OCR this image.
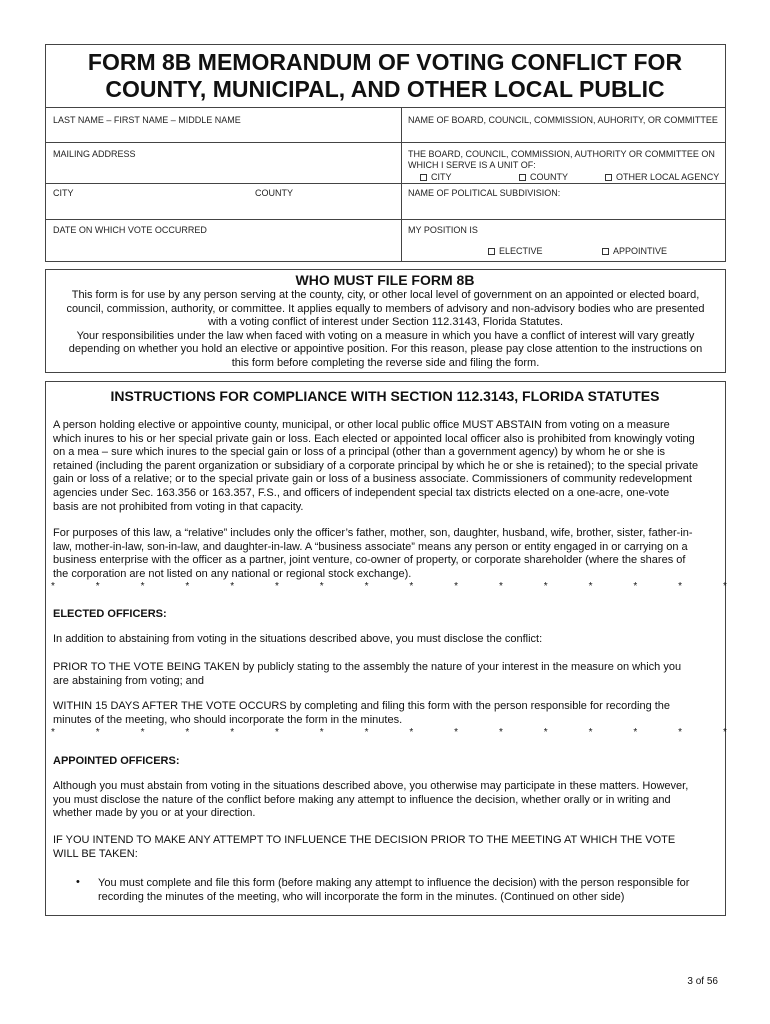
FORM 8B MEMORANDUM OF VOTING CONFLICT FOR
COUNTY, MUNICIPAL, AND OTHER LOCAL PUBLIC
LAST NAME – FIRST NAME – MIDDLE NAME	NAME OF BOARD, COUNCIL, COMMISSION, AUHORITY, OR COMMITTEE
MAILING ADDRESS	THE BOARD, COUNCIL, COMMISSION, AUTHORITY OR COMMITTEE ON
WHICH I SERVE IS A UNIT OF:
CITY	COUNTY	OTHER LOCAL AGENCY
CITY	COUNTY	NAME OF POLITICAL SUBDIVISION:
DATE ON WHICH VOTE OCCURRED	MY POSITION IS
ELECTIVE	APPOINTIVE
WHO MUST FILE FORM 8B
This form is for use by any person serving at the county, city, or other local level of government on an appointed or elected board,
council, commission, authority, or committee. It applies equally to members of advisory and non-advisory bodies who are presented
with a voting conflict of interest under Section 112.3143, Florida Statutes.
Your responsibilities under the law when faced with voting on a measure in which you have a conflict of interest will vary greatly
depending on whether you hold an elective or appointive position. For this reason, please pay close attention to the instructions on
this form before completing the reverse side and filing the form.
INSTRUCTIONS FOR COMPLIANCE WITH SECTION 112.3143, FLORIDA STATUTES
A person holding elective or appointive county, municipal, or other local public office MUST ABSTAIN from voting on a measure
which inures to his or her special private gain or loss. Each elected or appointed local officer also is prohibited from knowingly voting
on a mea – sure which inures to the special gain or loss of a principal (other than a government agency) by whom he or she is
retained (including the parent organization or subsidiary of a corporate principal by which he or she is retained); to the special private
gain or loss of a relative; or to the special private gain or loss of a business associate. Commissioners of community redevelopment
agencies under Sec. 163.356 or 163.357, F.S., and officers of independent special tax districts elected on a one-acre, one-vote
basis are not prohibited from voting in that capacity.
For purposes of this law, a “relative” includes only the officer’s father, mother, son, daughter, husband, wife, brother, sister, father-in-
law, mother-in-law, son-in-law, and daughter-in-law. A “business associate” means any person or entity engaged in or carrying on a
business enterprise with the officer as a partner, joint venture, co-owner of property, or corporate shareholder (where the shares of
the corporation are not listed on any national or regional stock exchange).
*	*	*	*	*	*	*	*	*	*	*	*	*	*	*	*
ELECTED OFFICERS:
In addition to abstaining from voting in the situations described above, you must disclose the conflict:
PRIOR TO THE VOTE BEING TAKEN by publicly stating to the assembly the nature of your interest in the measure on which you
are abstaining from voting; and
WITHIN 15 DAYS AFTER THE VOTE OCCURS by completing and filing this form with the person responsible for recording the
minutes of the meeting, who should incorporate the form in the minutes.
*	*	*	*	*	*	*	*	*	*	*	*	*	*	*	*
APPOINTED OFFICERS:
Although you must abstain from voting in the situations described above, you otherwise may participate in these matters. However,
you must disclose the nature of the conflict before making any attempt to influence the decision, whether orally or in writing and
whether made by you or at your direction.
IF YOU INTEND TO MAKE ANY ATTEMPT TO INFLUENCE THE DECISION PRIOR TO THE MEETING AT WHICH THE VOTE
WILL BE TAKEN:
• You must complete and file this form (before making any attempt to influence the decision) with the person responsible for
recording the minutes of the meeting, who will incorporate the form in the minutes. (Continued on other side)
3 of 56
